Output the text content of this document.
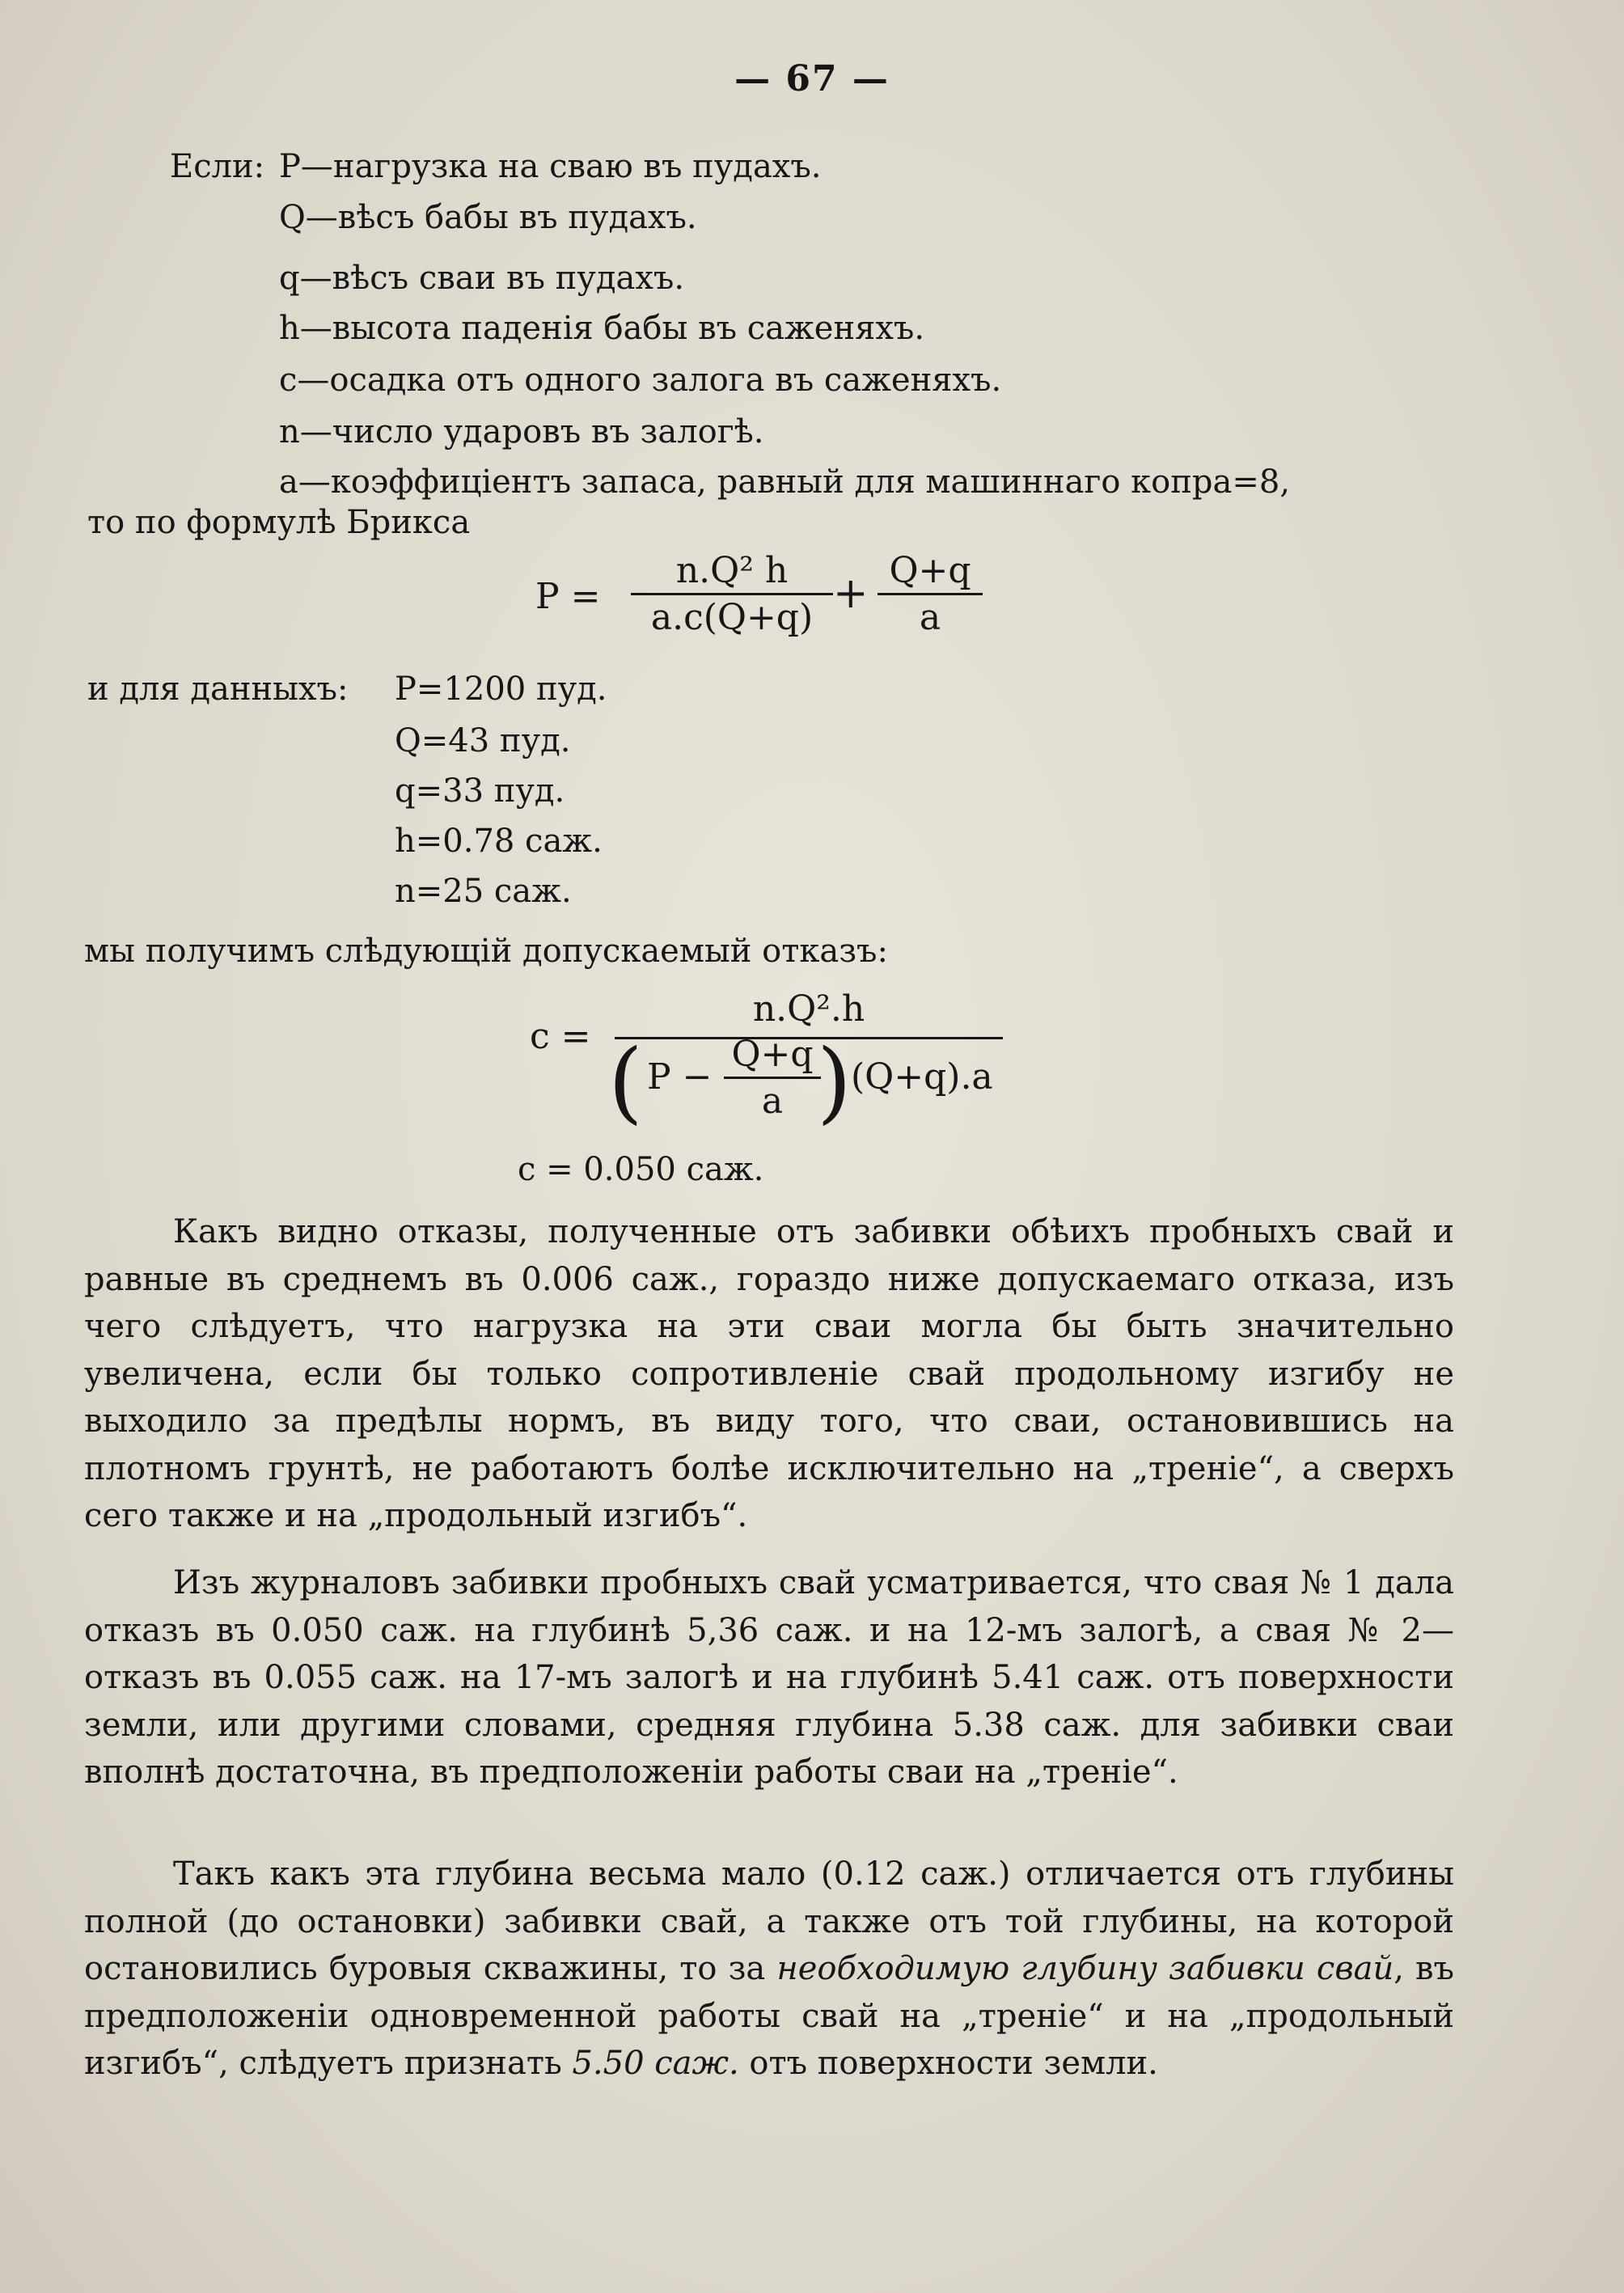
— 67 —
Если: P—нагрузка на сваю въ пудахъ.
Q—вѣсъ бабы въ пудахъ.
q—вѣсъ сваи въ пудахъ.
h—высота паденія бабы въ саженяхъ.
c—осадка отъ одного залога въ саженяхъ.
n—число ударовъ въ залогѣ.
a—коэффиціентъ запаса, равный для машиннаго копра=8,
то по формулѣ Брикса
P =
n.Q² h
a.c(Q+q) + Q+q
a
и для данныхъ: P=1200 пуд.
Q=43 пуд.
q=33 пуд.
h=0.78 саж.
n=25 саж.
мы получимъ слѣдующій допускаемый отказъ:
c =
n.Q².h
( P −
Q+q
a ) (Q+q).a
c = 0.050 саж.
Какъ видно отказы, полученные отъ забивки обѣихъ пробныхъ свай и равные въ среднемъ въ 0.006 саж., гораздо ниже допускаемаго отказа, изъ чего слѣдуетъ, что нагрузка на эти сваи могла бы быть значительно увеличена, если бы только сопротивленіе свай продольному изгибу не выходило за предѣлы нормъ, въ виду того, что сваи, остановившись на плотномъ грунтѣ, не работаютъ болѣе исключительно на „треніе“, а сверхъ сего также и на „продольный изгибъ“.
Изъ журналовъ забивки пробныхъ свай усматривается, что свая № 1 дала отказъ въ 0.050 саж. на глубинѣ 5,36 саж. и на 12-мъ залогѣ, а свая № 2—отказъ въ 0.055 саж. на 17-мъ залогѣ и на глубинѣ 5.41 саж. отъ поверхности земли, или другими словами, средняя глубина 5.38 саж. для забивки сваи вполнѣ достаточна, въ предположеніи работы сваи на „треніе“.
Такъ какъ эта глубина весьма мало (0.12 саж.) отличается отъ глубины полной (до остановки) забивки свай, а также отъ той глубины, на которой остановились буровыя скважины, то за необходимую глубину забивки свай, въ предположеніи одновременной работы свай на „треніе“ и на „продольный изгибъ“, слѣдуетъ признать 5.50 саж. отъ поверхности земли.
